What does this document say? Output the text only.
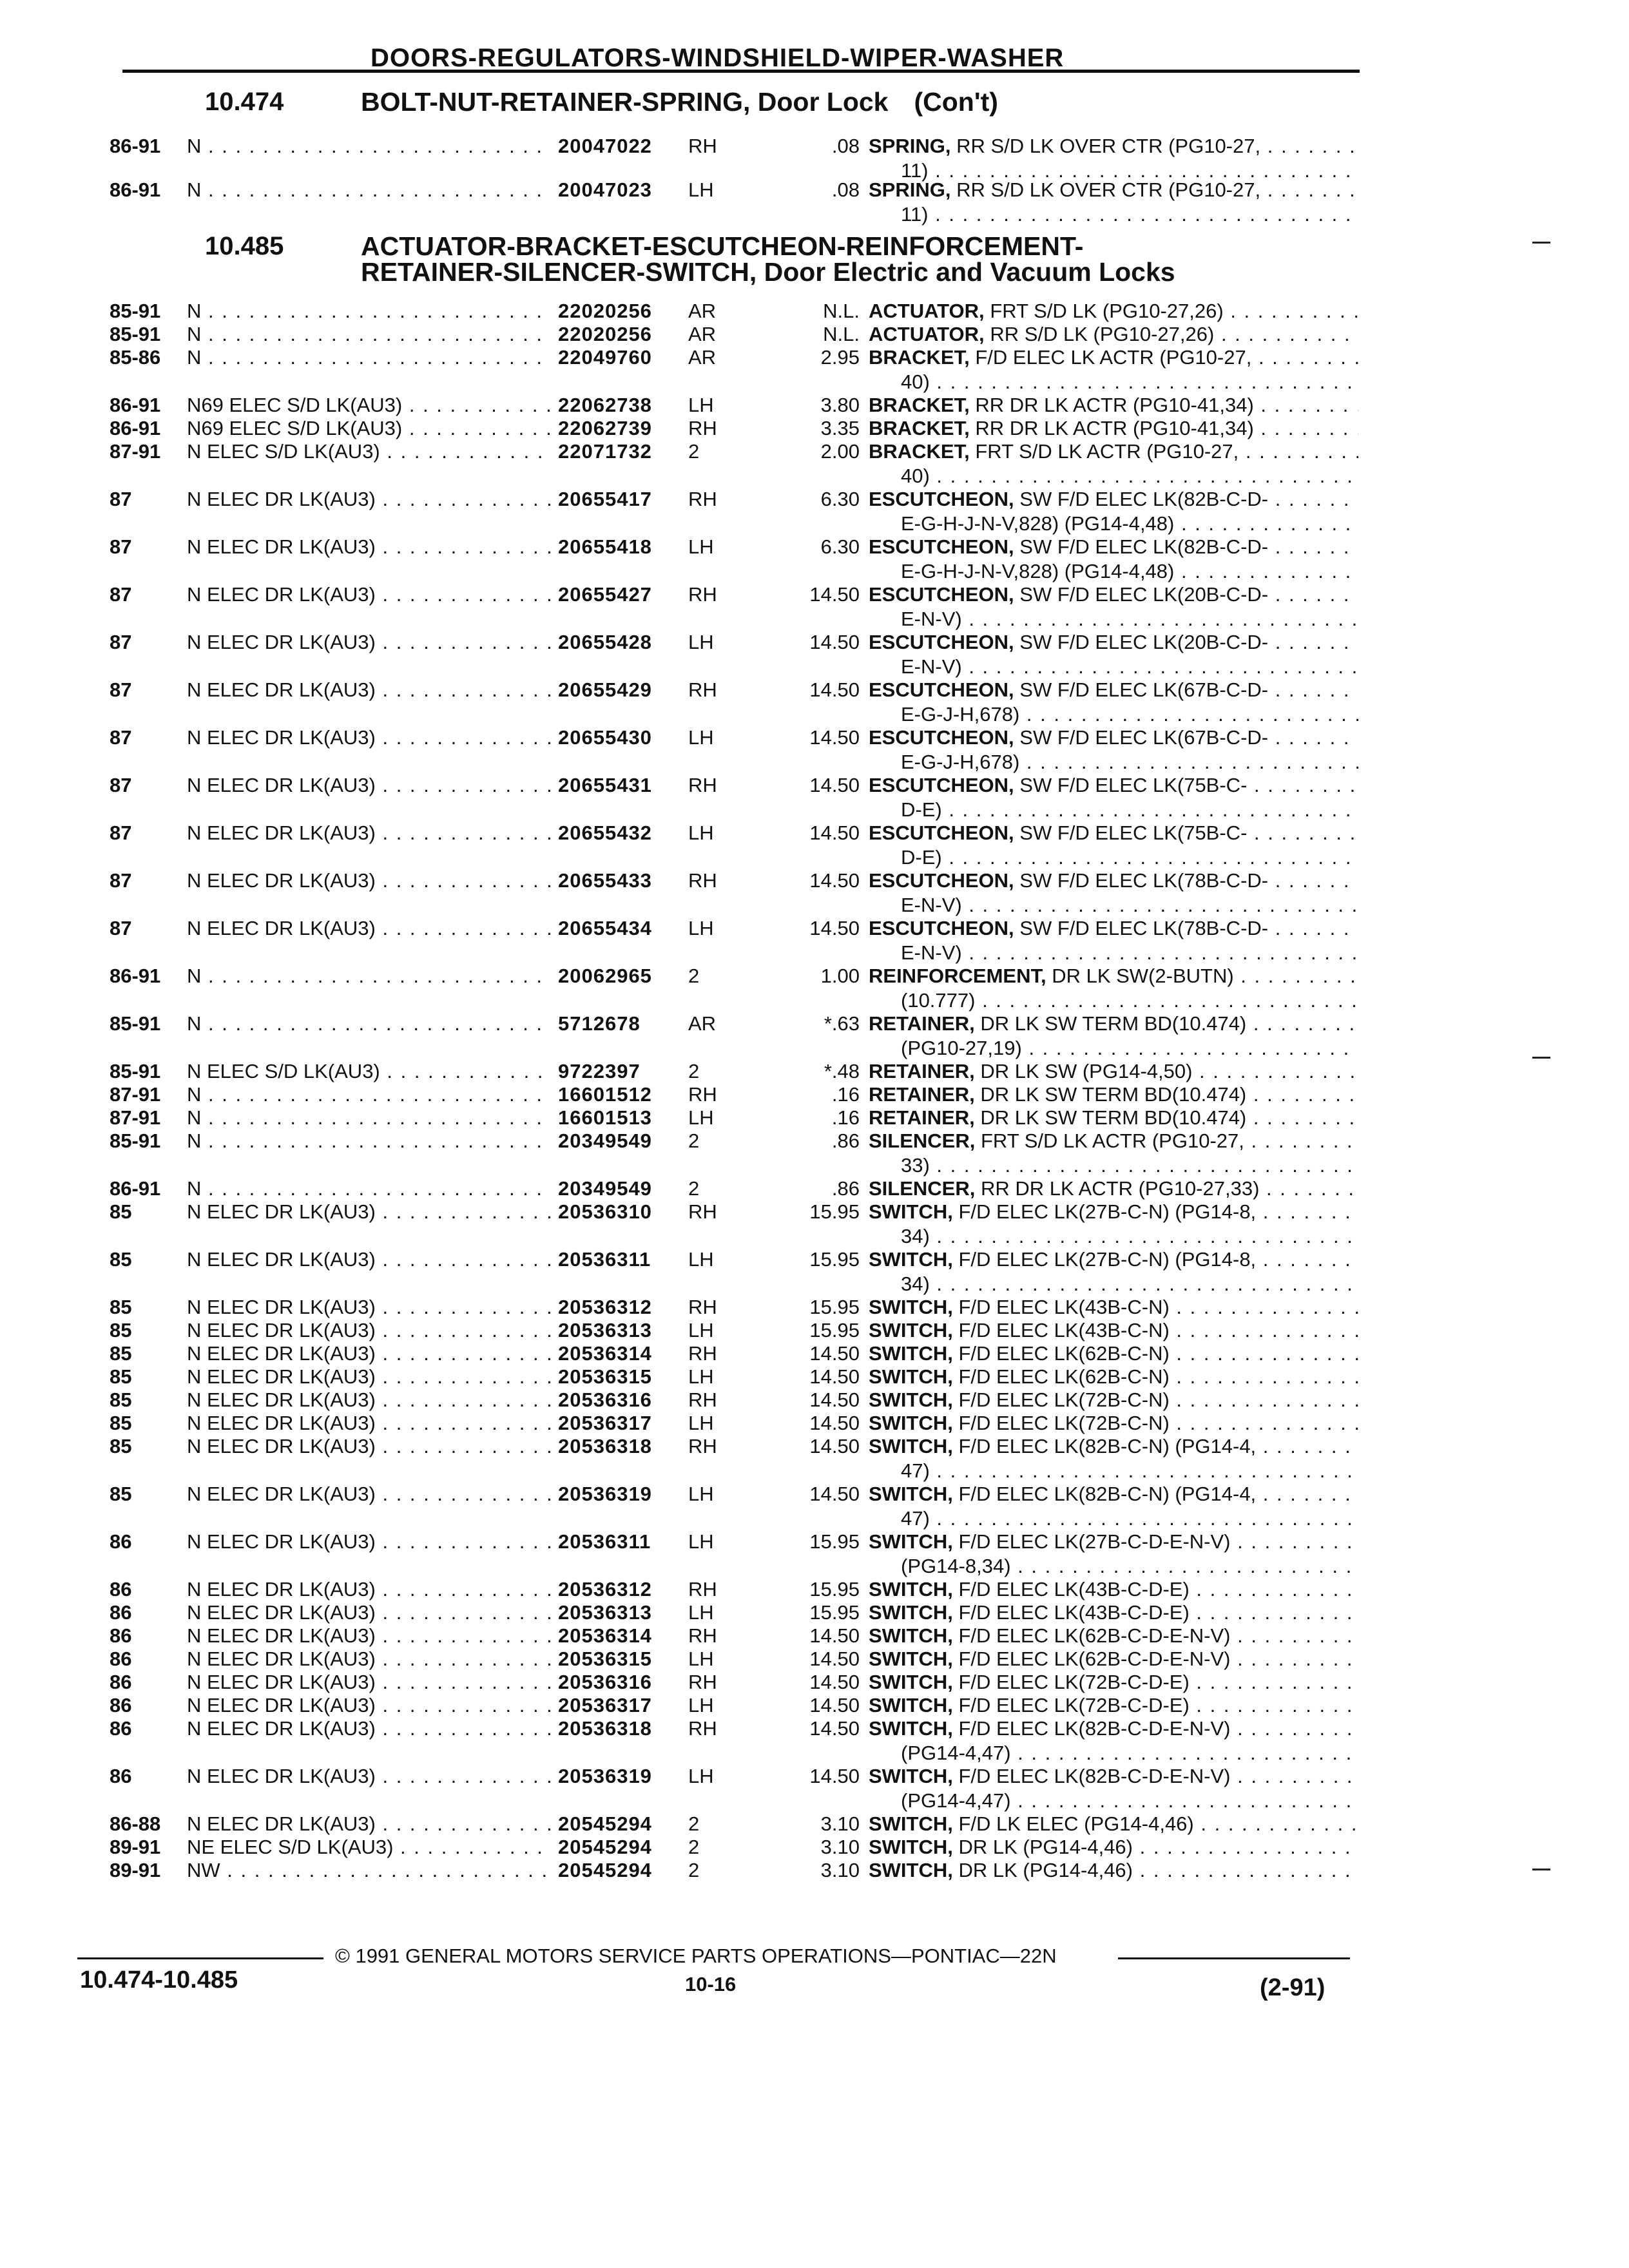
DOORS-REGULATORS-WINDSHIELD-WIPER-WASHER
10.474	BOLT-NUT-RETAINER-SPRING, Door Lock (Con't)
10.485	ACTUATOR-BRACKET-ESCUTCHEON-REINFORCEMENT-
RETAINER-SILENCER-SWITCH, Door Electric and Vacuum Locks
86-91 N . . .	20047022 RH	.08 SPRING, RR S/D LK OVER CTR (PG10-27, . . .
11) . . .
86-91 N . . .	20047023 LH	.08 SPRING, RR S/D LK OVER CTR (PG10-27, . . .
11) . . .
85-91 N . . .	22020256 AR	N.L. ACTUATOR, FRT S/D LK (PG10-27,26) . . .
85-91 N . . .	22020256 AR	N.L. ACTUATOR, RR S/D LK (PG10-27,26) . . .
85-86 N . . .	22049760 AR	2.95 BRACKET, F/D ELEC LK ACTR (PG10-27, . . .
40) . . .
86-91 N69 ELEC S/D LK(AU3) . . .	22062738 LH	3.80 BRACKET, RR DR LK ACTR (PG10-41,34) . . .
86-91 N69 ELEC S/D LK(AU3) . . .	22062739 RH	3.35 BRACKET, RR DR LK ACTR (PG10-41,34) . . .
87-91 N ELEC S/D LK(AU3) . . .	22071732 2	2.00 BRACKET, FRT S/D LK ACTR (PG10-27, . . .
40) . . .
87	N ELEC DR LK(AU3) . . .	20655417 RH	6.30 ESCUTCHEON, SW F/D ELEC LK(82B-C-D- . . .
E-G-H-J-N-V,828) (PG14-4,48) . . .
87	N ELEC DR LK(AU3) . . .	20655418 LH	6.30 ESCUTCHEON, SW F/D ELEC LK(82B-C-D- . . .
E-G-H-J-N-V,828) (PG14-4,48) . . .
87	N ELEC DR LK(AU3) . . .	20655427 RH	14.50 ESCUTCHEON, SW F/D ELEC LK(20B-C-D- . . .
E-N-V) . . .
87	N ELEC DR LK(AU3) . . .	20655428 LH	14.50 ESCUTCHEON, SW F/D ELEC LK(20B-C-D- . . .
E-N-V) . . .
87	N ELEC DR LK(AU3) . . .	20655429 RH	14.50 ESCUTCHEON, SW F/D ELEC LK(67B-C-D- . . .
E-G-J-H,678) . . .
87	N ELEC DR LK(AU3) . . .	20655430 LH	14.50 ESCUTCHEON, SW F/D ELEC LK(67B-C-D- . . .
E-G-J-H,678) . . .
87	N ELEC DR LK(AU3) . . .	20655431 RH	14.50 ESCUTCHEON, SW F/D ELEC LK(75B-C- . . .
D-E) . . .
87	N ELEC DR LK(AU3) . . .	20655432 LH	14.50 ESCUTCHEON, SW F/D ELEC LK(75B-C- . . .
D-E) . . .
87	N ELEC DR LK(AU3) . . .	20655433 RH	14.50 ESCUTCHEON, SW F/D ELEC LK(78B-C-D- . . .
E-N-V) . . .
87	N ELEC DR LK(AU3) . . .	20655434 LH	14.50 ESCUTCHEON, SW F/D ELEC LK(78B-C-D- . . .
E-N-V) . . .
86-91 N . . .	20062965 2	1.00 REINFORCEMENT, DR LK SW(2-BUTN) . . .
(10.777) . . .
85-91 N . . .	5712678 AR	*.63 RETAINER, DR LK SW TERM BD(10.474) . . .
(PG10-27,19) . . .
85-91 N ELEC S/D LK(AU3) . . .	9722397 2	*.48 RETAINER, DR LK SW (PG14-4,50) . . .
87-91 N . . .	16601512 RH	.16 RETAINER, DR LK SW TERM BD(10.474) . . .
87-91 N . . .	16601513 LH	.16 RETAINER, DR LK SW TERM BD(10.474) . . .
85-91 N . . .	20349549 2	.86 SILENCER, FRT S/D LK ACTR (PG10-27, . . .
33) . . .
86-91 N . . .	20349549 2	.86 SILENCER, RR DR LK ACTR (PG10-27,33) . . .
85	N ELEC DR LK(AU3) . . .	20536310 RH	15.95 SWITCH, F/D ELEC LK(27B-C-N) (PG14-8, . . .
34) . . .
85	N ELEC DR LK(AU3) . . .	20536311 LH	15.95 SWITCH, F/D ELEC LK(27B-C-N) (PG14-8, . . .
34) . . .
85	N ELEC DR LK(AU3) . . .	20536312 RH	15.95 SWITCH, F/D ELEC LK(43B-C-N) . . .
85	N ELEC DR LK(AU3) . . .	20536313 LH	15.95 SWITCH, F/D ELEC LK(43B-C-N) . . .
85	N ELEC DR LK(AU3) . . .	20536314 RH	14.50 SWITCH, F/D ELEC LK(62B-C-N) . . .
85	N ELEC DR LK(AU3) . . .	20536315 LH	14.50 SWITCH, F/D ELEC LK(62B-C-N) . . .
85	N ELEC DR LK(AU3) . . .	20536316 RH	14.50 SWITCH, F/D ELEC LK(72B-C-N) . . .
85	N ELEC DR LK(AU3) . . .	20536317 LH	14.50 SWITCH, F/D ELEC LK(72B-C-N) . . .
85	N ELEC DR LK(AU3) . . .	20536318 RH	14.50 SWITCH, F/D ELEC LK(82B-C-N) (PG14-4, . . .
47) . . .
85	N ELEC DR LK(AU3) . . .	20536319 LH	14.50 SWITCH, F/D ELEC LK(82B-C-N) (PG14-4, . . .
47) . . .
86	N ELEC DR LK(AU3) . . .	20536311 LH	15.95 SWITCH, F/D ELEC LK(27B-C-D-E-N-V) . . .
(PG14-8,34) . . .
86	N ELEC DR LK(AU3) . . .	20536312 RH	15.95 SWITCH, F/D ELEC LK(43B-C-D-E) . . .
86	N ELEC DR LK(AU3) . . .	20536313 LH	15.95 SWITCH, F/D ELEC LK(43B-C-D-E) . . .
86	N ELEC DR LK(AU3) . . .	20536314 RH	14.50 SWITCH, F/D ELEC LK(62B-C-D-E-N-V) . . .
86	N ELEC DR LK(AU3) . . .	20536315 LH	14.50 SWITCH, F/D ELEC LK(62B-C-D-E-N-V) . . .
86	N ELEC DR LK(AU3) . . .	20536316 RH	14.50 SWITCH, F/D ELEC LK(72B-C-D-E) . . .
86	N ELEC DR LK(AU3) . . .	20536317 LH	14.50 SWITCH, F/D ELEC LK(72B-C-D-E) . . .
86	N ELEC DR LK(AU3) . . .	20536318 RH	14.50 SWITCH, F/D ELEC LK(82B-C-D-E-N-V) . . .
(PG14-4,47) . . .
86	N ELEC DR LK(AU3) . . .	20536319 LH	14.50 SWITCH, F/D ELEC LK(82B-C-D-E-N-V) . . .
(PG14-4,47) . . .
86-88 N ELEC DR LK(AU3) . . .	20545294 2	3.10 SWITCH, F/D LK ELEC (PG14-4,46) . . .
89-91 NE ELEC S/D LK(AU3) . . .	20545294 2	3.10 SWITCH, DR LK (PG14-4,46) . . .
89-91 NW . . .	20545294 2	3.10 SWITCH, DR LK (PG14-4,46) . . .
© 1991 GENERAL MOTORS SERVICE PARTS OPERATIONS—PONTIAC—22N
10.474-10.485	10-16	(2-91)
